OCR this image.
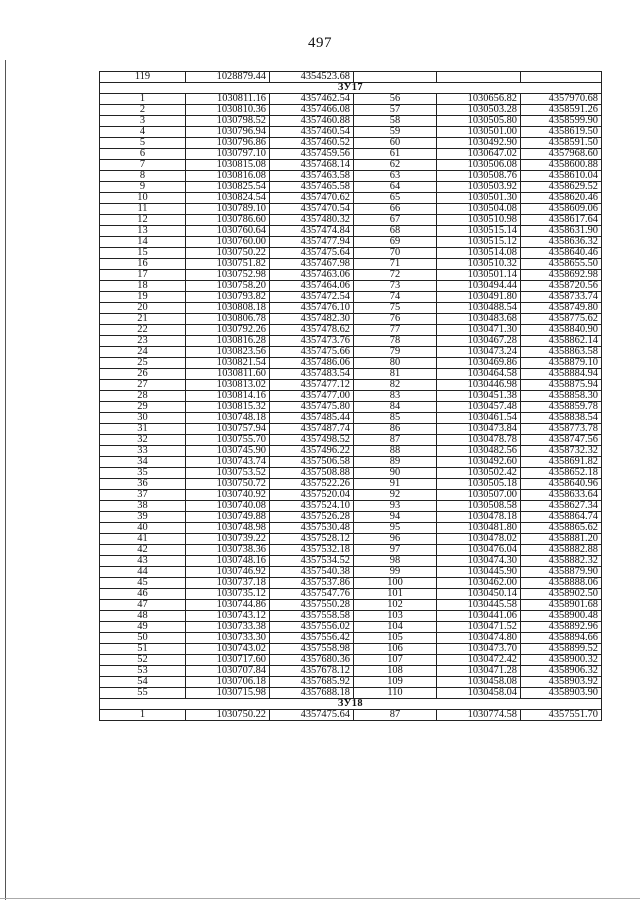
497
119	1028879.44	4354523.68			
ЗУ17					
1	1030811.16	4357462.54	56	1030656.82	4357970.68
2	1030810.36	4357466.08	57	1030503.28	4358591.26
3	1030798.52	4357460.88	58	1030505.80	4358599.90
4	1030796.94	4357460.54	59	1030501.00	4358619.50
5	1030796.86	4357460.52	60	1030492.90	4358591.50
6	1030797.10	4357459.56	61	1030647.02	4357968.60
7	1030815.08	4357468.14	62	1030506.08	4358600.88
8	1030816.08	4357463.58	63	1030508.76	4358610.04
9	1030825.54	4357465.58	64	1030503.92	4358629.52
10	1030824.54	4357470.62	65	1030501.30	4358620.46
11	1030789.10	4357470.54	66	1030504.08	4358609.06
12	1030786.60	4357480.32	67	1030510.98	4358617.64
13	1030760.64	4357474.84	68	1030515.14	4358631.90
14	1030760.00	4357477.94	69	1030515.12	4358636.32
15	1030750.22	4357475.64	70	1030514.08	4358640.46
16	1030751.82	4357467.98	71	1030510.32	4358655.50
17	1030752.98	4357463.06	72	1030501.14	4358692.98
18	1030758.20	4357464.06	73	1030494.44	4358720.56
19	1030793.82	4357472.54	74	1030491.80	4358733.74
20	1030808.18	4357476.10	75	1030488.54	4358749.80
21	1030806.78	4357482.30	76	1030483.68	4358775.62
22	1030792.26	4357478.62	77	1030471.30	4358840.90
23	1030816.28	4357473.76	78	1030467.28	4358862.14
24	1030823.56	4357475.66	79	1030473.24	4358863.58
25	1030821.54	4357486.06	80	1030469.86	4358879.10
26	1030811.60	4357483.54	81	1030464.58	4358884.94
27	1030813.02	4357477.12	82	1030446.98	4358875.94
28	1030814.16	4357477.00	83	1030451.38	4358858.30
29	1030815.32	4357475.80	84	1030457.48	4358859.78
30	1030748.18	4357485.44	85	1030461.54	4358838.54
31	1030757.94	4357487.74	86	1030473.84	4358773.78
32	1030755.70	4357498.52	87	1030478.78	4358747.56
33	1030745.90	4357496.22	88	1030482.56	4358732.32
34	1030743.74	4357506.58	89	1030492.60	4358691.82
35	1030753.52	4357508.88	90	1030502.42	4358652.18
36	1030750.72	4357522.26	91	1030505.18	4358640.96
37	1030740.92	4357520.04	92	1030507.00	4358633.64
38	1030740.08	4357524.10	93	1030508.58	4358627.34
39	1030749.88	4357526.28	94	1030478.18	4358864.74
40	1030748.98	4357530.48	95	1030481.80	4358865.62
41	1030739.22	4357528.12	96	1030478.02	4358881.20
42	1030738.36	4357532.18	97	1030476.04	4358882.88
43	1030748.16	4357534.52	98	1030474.30	4358882.32
44	1030746.92	4357540.38	99	1030445.90	4358879.90
45	1030737.18	4357537.86	100	1030462.00	4358888.06
46	1030735.12	4357547.76	101	1030450.14	4358902.50
47	1030744.86	4357550.28	102	1030445.58	4358901.68
48	1030743.12	4357558.58	103	1030441.06	4358900.48
49	1030733.38	4357556.02	104	1030471.52	4358892.96
50	1030733.30	4357556.42	105	1030474.80	4358894.66
51	1030743.02	4357558.98	106	1030473.70	4358899.52
52	1030717.60	4357680.36	107	1030472.42	4358900.32
53	1030707.84	4357678.12	108	1030471.28	4358906.32
54	1030706.18	4357685.92	109	1030458.08	4358903.92
55	1030715.98	4357688.18	110	1030458.04	4358903.90
ЗУ18					
1	1030750.22	4357475.64	87	1030774.58	4357551.70
